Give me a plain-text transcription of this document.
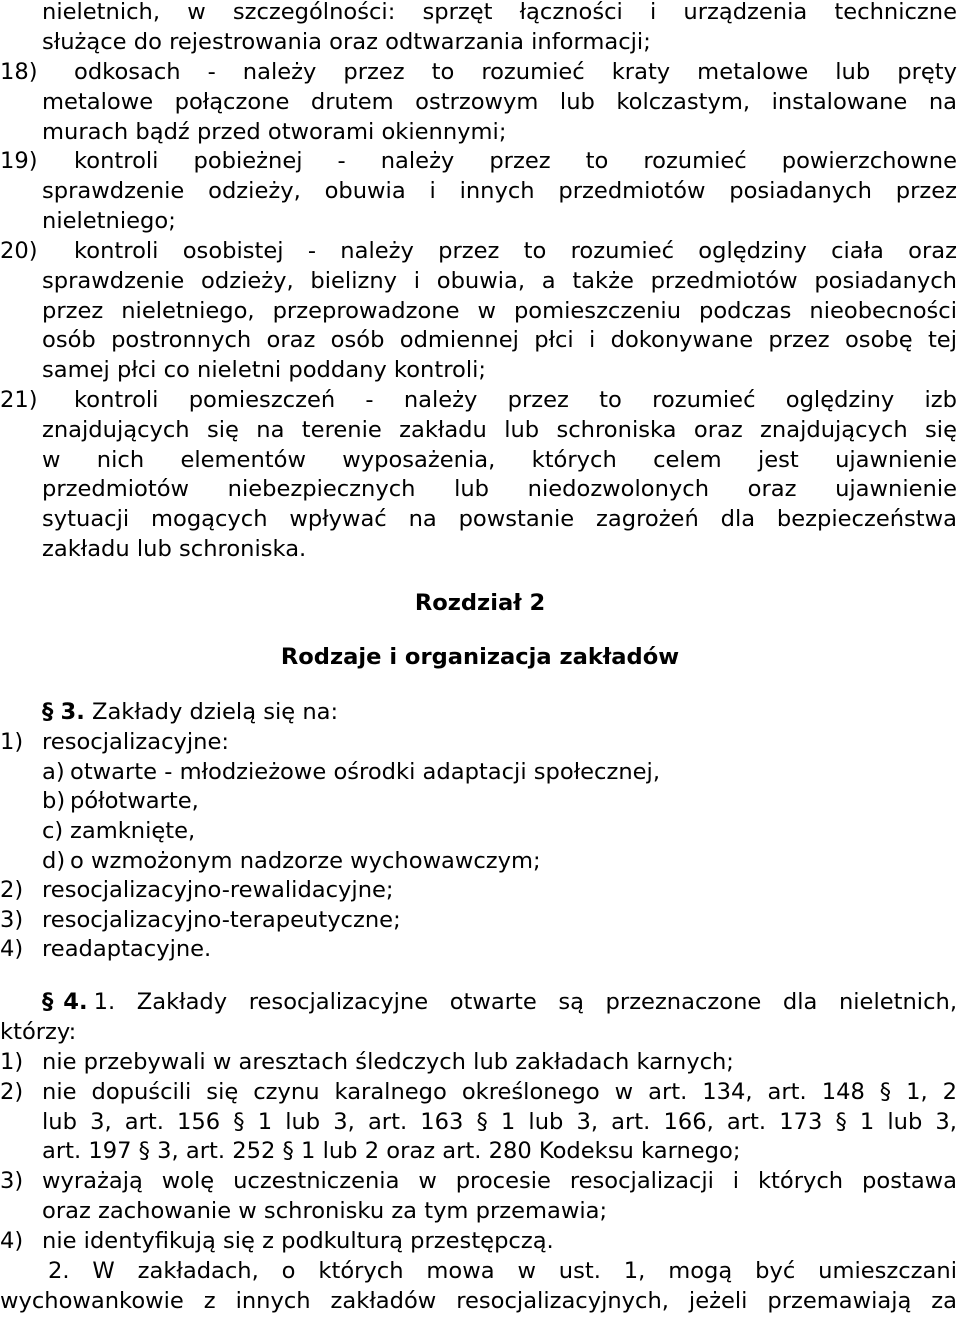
nieletnich, w szczególności: sprzęt łączności i urządzenia techniczne
służące do rejestrowania oraz odtwarzania informacji;
18) odkosach - należy przez to rozumieć kraty metalowe lub pręty
metalowe połączone drutem ostrzowym lub kolczastym, instalowane na
murach bądź przed otworami okiennymi;
19) kontroli pobieżnej - należy przez to rozumieć powierzchowne
sprawdzenie odzieży, obuwia i innych przedmiotów posiadanych przez
nieletniego;
20) kontroli osobistej - należy przez to rozumieć oględziny ciała oraz
sprawdzenie odzieży, bielizny i obuwia, a także przedmiotów posiadanych
przez nieletniego, przeprowadzone w pomieszczeniu podczas nieobecności
osób postronnych oraz osób odmiennej płci i dokonywane przez osobę tej
samej płci co nieletni poddany kontroli;
21) kontroli pomieszczeń - należy przez to rozumieć oględziny izb
znajdujących się na terenie zakładu lub schroniska oraz znajdujących się
w nich elementów wyposażenia, których celem jest ujawnienie
przedmiotów niebezpiecznych lub niedozwolonych oraz ujawnienie
sytuacji mogących wpływać na powstanie zagrożeń dla bezpieczeństwa
zakładu lub schroniska.
Rozdział 2
Rodzaje i organizacja zakładów
§ 3. Zakłady dzielą się na:
1) resocjalizacyjne:
a) otwarte - młodzieżowe ośrodki adaptacji społecznej,
b) półotwarte,
c) zamknięte,
d) o wzmożonym nadzorze wychowawczym;
2) resocjalizacyjno-rewalidacyjne;
3) resocjalizacyjno-terapeutyczne;
4) readaptacyjne.
§ 4. 1. Zakłady resocjalizacyjne otwarte są przeznaczone dla nieletnich,
którzy:
1) nie przebywali w aresztach śledczych lub zakładach karnych;
2) nie dopuścili się czynu karalnego określonego w art. 134, art. 148 § 1, 2
lub 3, art. 156 § 1 lub 3, art. 163 § 1 lub 3, art. 166, art. 173 § 1 lub 3,
art. 197 § 3, art. 252 § 1 lub 2 oraz art. 280 Kodeksu karnego;
3) wyrażają wolę uczestniczenia w procesie resocjalizacji i których postawa
oraz zachowanie w schronisku za tym przemawia;
4) nie identyfikują się z podkulturą przestępczą.
2. W zakładach, o których mowa w ust. 1, mogą być umieszczani
wychowankowie z innych zakładów resocjalizacyjnych, jeżeli przemawiają za
